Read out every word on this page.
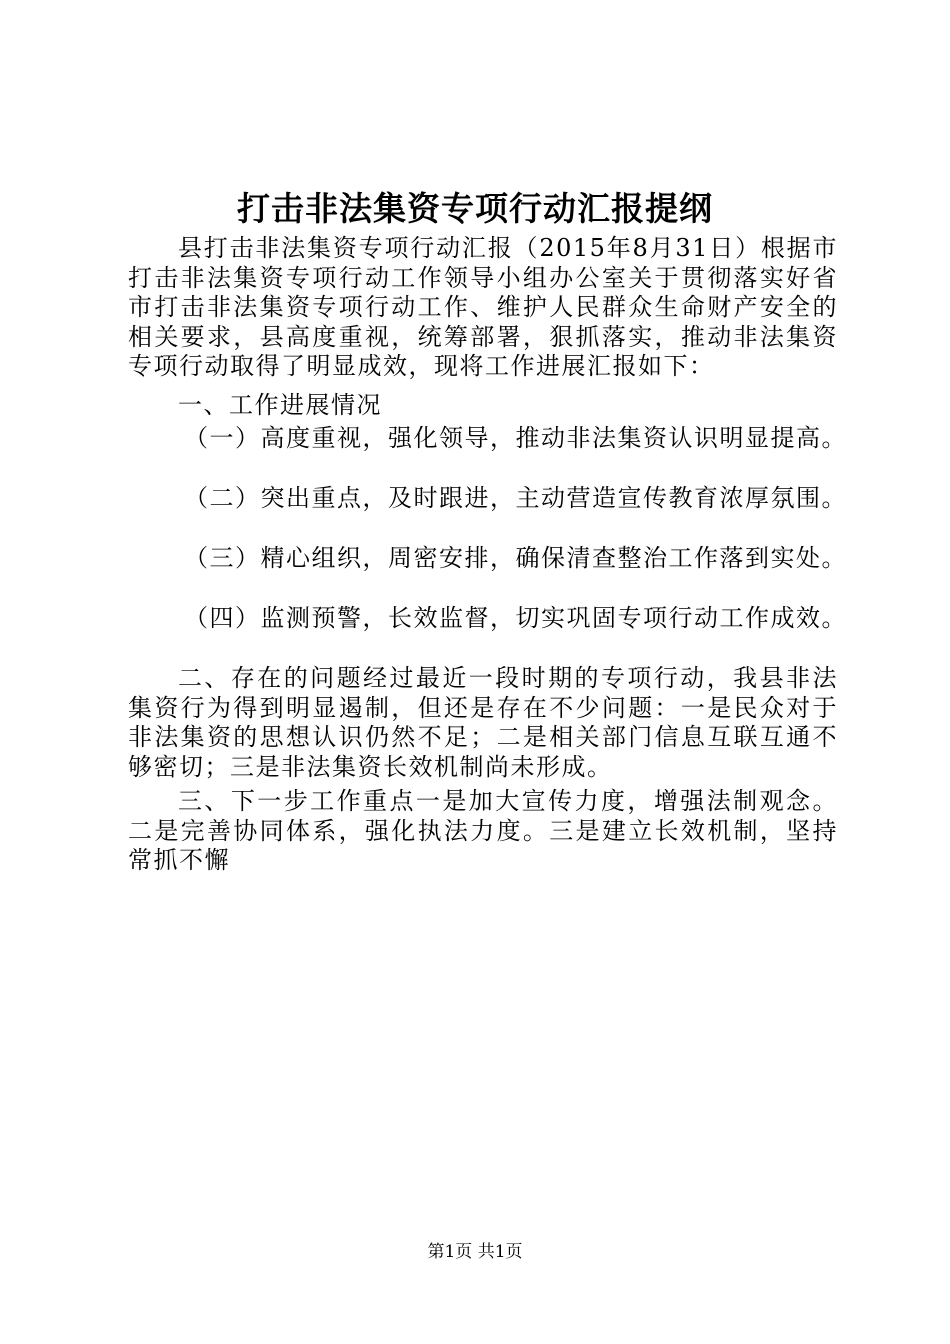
打击非法集资专项行动汇报提纲

县打击非法集资专项行动汇报（2015年8月31日）根据市打击非法集资专项行动工作领导小组办公室关于贯彻落实好省市打击非法集资专项行动工作、维护人民群众生命财产安全的相关要求，县高度重视，统筹部署，狠抓落实，推动非法集资专项行动取得了明显成效，现将工作进展汇报如下：

一、工作进展情况
（一）高度重视，强化领导，推动非法集资认识明显提高。
（二）突出重点，及时跟进，主动营造宣传教育浓厚氛围。
（三）精心组织，周密安排，确保清查整治工作落到实处。
（四）监测预警，长效监督，切实巩固专项行动工作成效。

二、存在的问题经过最近一段时期的专项行动，我县非法集资行为得到明显遏制，但还是存在不少问题：一是民众对于非法集资的思想认识仍然不足；二是相关部门信息互联互通不够密切；三是非法集资长效机制尚未形成。

三、下一步工作重点一是加大宣传力度，增强法制观念。二是完善协同体系，强化执法力度。三是建立长效机制，坚持常抓不懈

第1页 共1页
